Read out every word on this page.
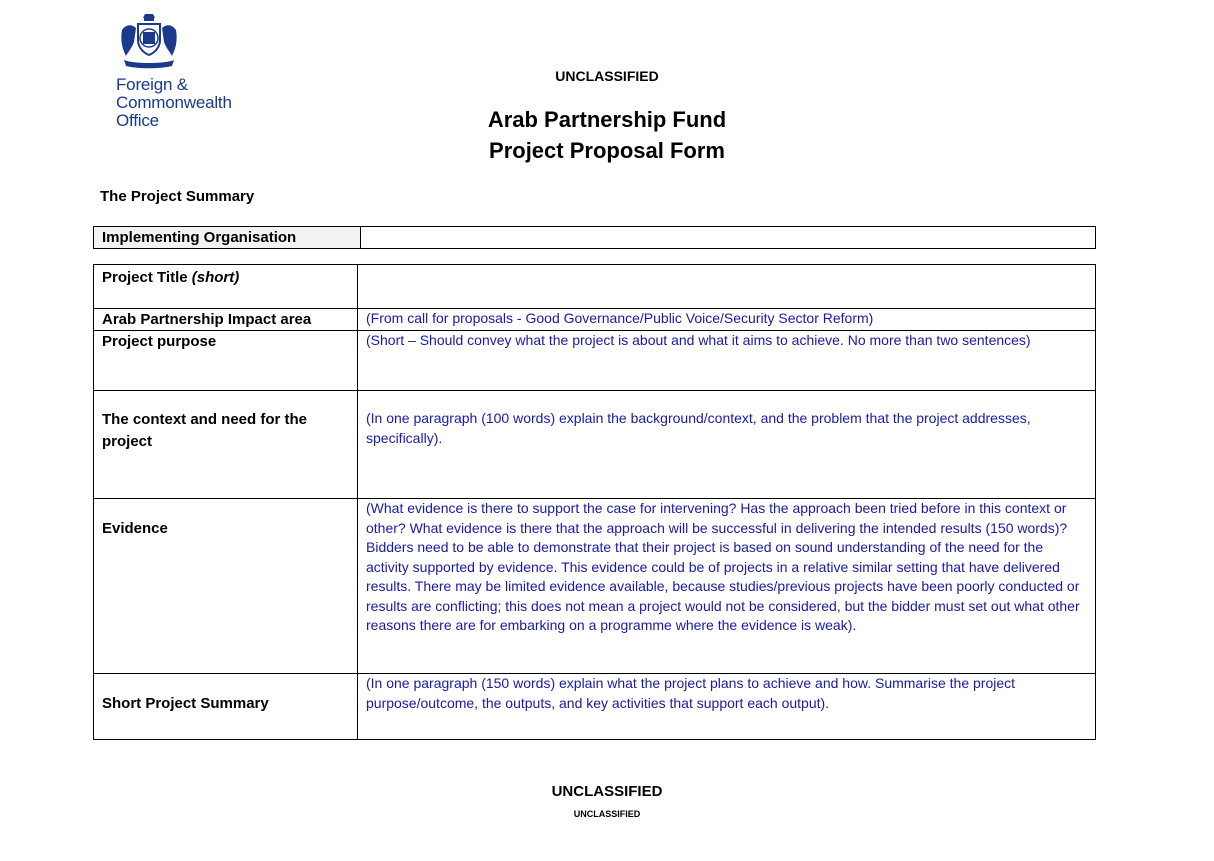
Foreign &
Commonwealth
Office
UNCLASSIFIED
Arab Partnership Fund
Project Proposal Form
The Project Summary
Implementing Organisation	
Project Title (short)	
Arab Partnership Impact area	(From call for proposals - Good Governance/Public Voice/Security Sector Reform)
Project purpose	(Short – Should convey what the project is about and what it aims to achieve. No more than two sentences)
The context and need for the project	(In one paragraph (100 words) explain the background/context, and the problem that the project addresses, specifically).
Evidence	(What evidence is there to support the case for intervening? Has the approach been tried before in this context or other? What evidence is there that the approach will be successful in delivering the intended results (150 words)? Bidders need to be able to demonstrate that their project is based on sound understanding of the need for the activity supported by evidence. This evidence could be of projects in a relative similar setting that have delivered results. There may be limited evidence available, because studies/previous projects have been poorly conducted or results are conflicting; this does not mean a project would not be considered, but the bidder must set out what other reasons there are for embarking on a programme where the evidence is weak).
Short Project Summary	(In one paragraph (150 words) explain what the project plans to achieve and how. Summarise the project purpose/outcome, the outputs, and key activities that support each output).
UNCLASSIFIED
UNCLASSIFIED
